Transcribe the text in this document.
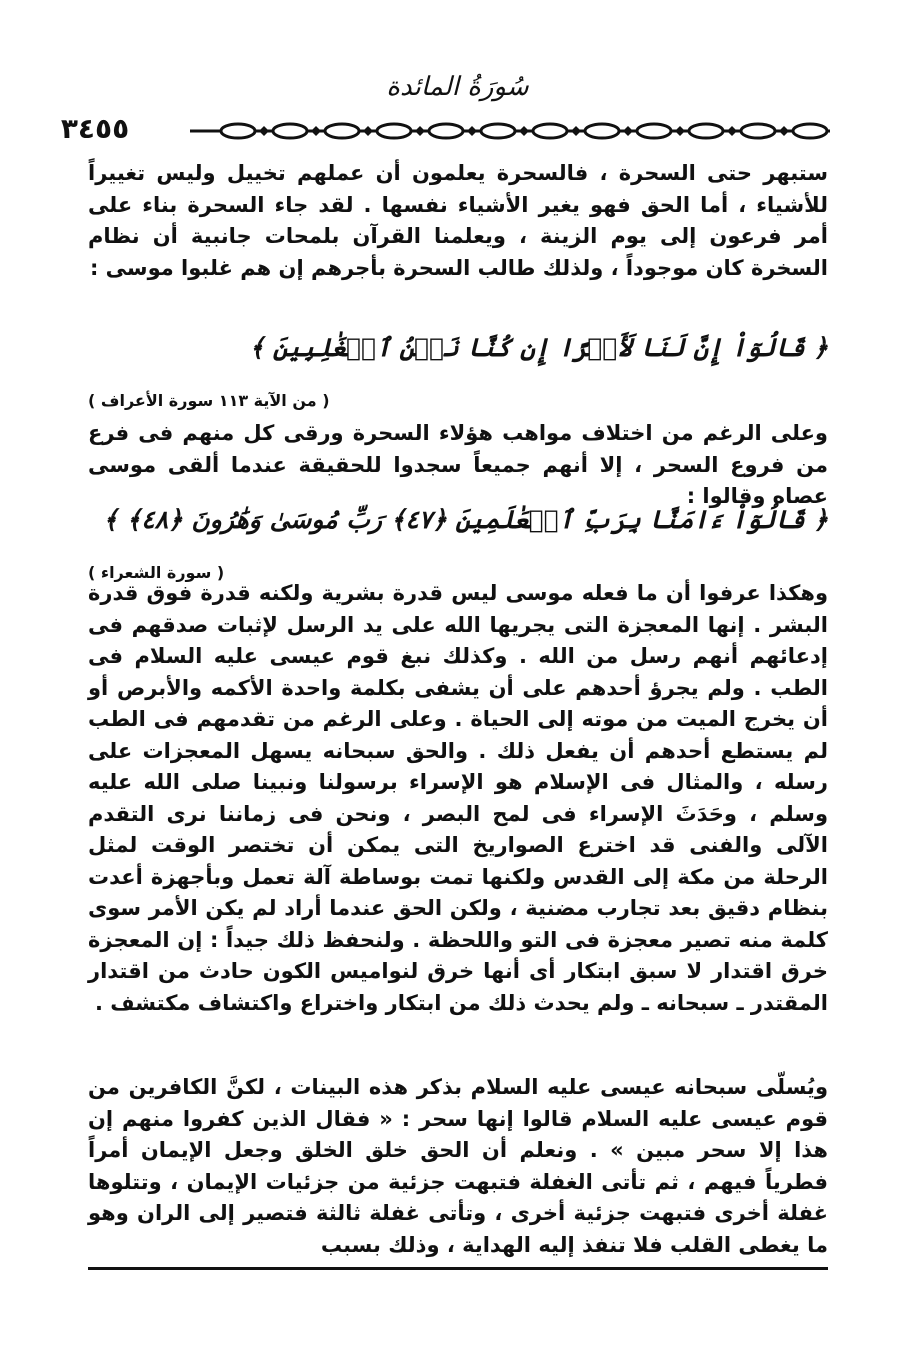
سُورَةُ المائدة
٣٤٥٥
ستبهر حتى السحرة ، فالسحرة يعلمون أن عملهم تخييل وليس تغييراً للأشياء ، أما الحق فهو يغير الأشياء نفسها . لقد جاء السحرة بناء على أمر فرعون إلى يوم الزينة ، ويعلمنا القرآن بلمحات جانبية أن نظام السخرة كان موجوداً ، ولذلك طالب السحرة بأجرهم إن هم غلبوا موسى :
﴿ قَالُوٓاْ إِنَّ لَنَا لَأَجۡرًا إِن كُنَّا نَحۡنُ ٱلۡغَٰلِبِينَ ﴾
( من الآية ١١٣ سورة الأعراف )
وعلى الرغم من اختلاف مواهب هؤلاء السحرة ورقى كل منهم فى فرع من فروع السحر ، إلا أنهم جميعاً سجدوا للحقيقة عندما ألقى موسى عصاه وقالوا :
﴿ قَالُوٓاْ ءَامَنَّا بِرَبِّ ٱلۡعَٰلَمِينَ ﴿٤٧﴾ رَبِّ مُوسَىٰ وَهَٰرُونَ ﴿٤٨﴾ ﴾
( سورة الشعراء )
وهكذا عرفوا أن ما فعله موسى ليس قدرة بشرية ولكنه قدرة فوق قدرة البشر . إنها المعجزة التى يجريها الله على يد الرسل لإثبات صدقهم فى إدعائهم أنهم رسل من الله . وكذلك نبغ قوم عيسى عليه السلام فى الطب . ولم يجرؤ أحدهم على أن يشفى بكلمة واحدة الأكمه والأبرص أو أن يخرج الميت من موته إلى الحياة . وعلى الرغم من تقدمهم فى الطب لم يستطع أحدهم أن يفعل ذلك . والحق سبحانه يسهل المعجزات على رسله ، والمثال فى الإسلام هو الإسراء برسولنا ونبينا صلى الله عليه وسلم ، وحَدَثَ الإسراء فى لمح البصر ، ونحن فى زماننا نرى التقدم الآلى والفنى قد اخترع الصواريخ التى يمكن أن تختصر الوقت لمثل الرحلة من مكة إلى القدس ولكنها تمت بوساطة آلة تعمل وبأجهزة أعدت بنظام دقيق بعد تجارب مضنية ، ولكن الحق عندما أراد لم يكن الأمر سوى كلمة منه تصير معجزة فى التو واللحظة . ولنحفظ ذلك جيداً : إن المعجزة خرق اقتدار لا سبق ابتكار أى أنها خرق لنواميس الكون حادث من اقتدار المقتدر ـ سبحانه ـ ولم يحدث ذلك من ابتكار واختراع واكتشاف مكتشف .
ويُسلّى سبحانه عيسى عليه السلام بذكر هذه البينات ، لكنَّ الكافرين من قوم عيسى عليه السلام قالوا إنها سحر : « فقال الذين كفروا منهم إن هذا إلا سحر مبين » . ونعلم أن الحق خلق الخلق وجعل الإيمان أمراً فطرياً فيهم ، ثم تأتى الغفلة فتبهت جزئية من جزئيات الإيمان ، وتتلوها غفلة أخرى فتبهت جزئية أخرى ، وتأتى غفلة ثالثة فتصير إلى الران وهو ما يغطى القلب فلا تنفذ إليه الهداية ، وذلك بسبب
